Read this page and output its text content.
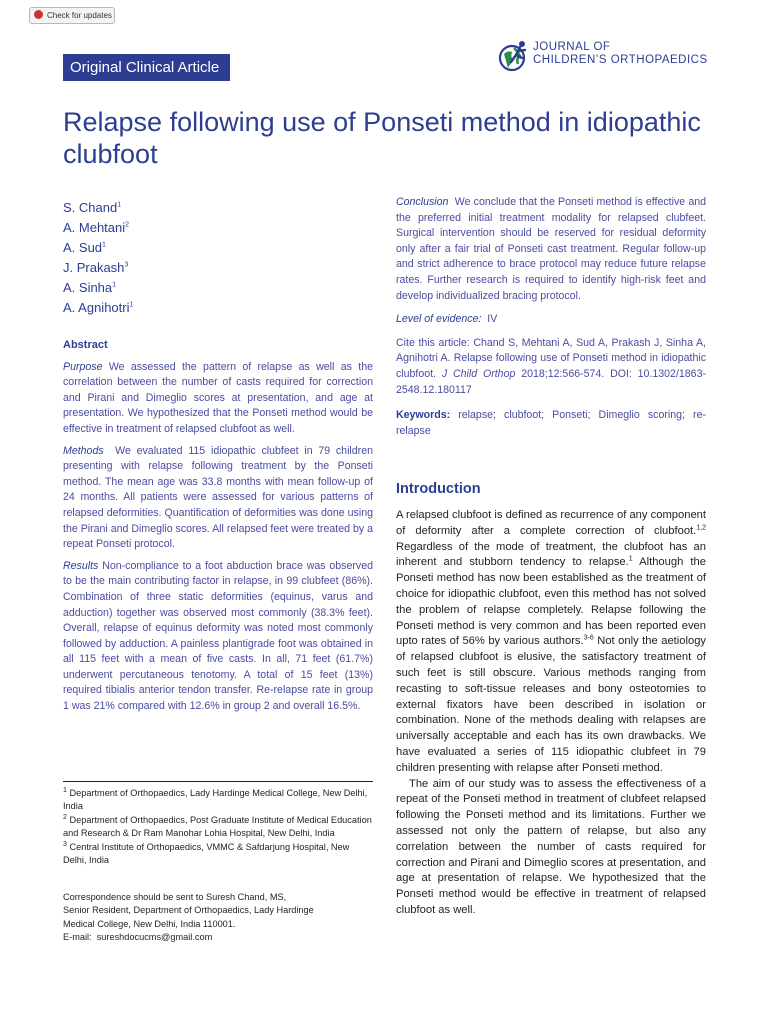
Check for updates
Original Clinical Article
JOURNAL OF
CHILDREN’S ORTHOPAEDICS
Relapse following use of Ponseti method in idiopathic clubfoot
S. Chand$^1$
A. Mehtani$^2$
A. Sud$^1$
J. Prakash$^3$
A. Sinha$^1$
A. Agnihotri$^1$
Abstract

Purpose We assessed the pattern of relapse as well as the correlation between the number of casts required for correction and Pirani and Dimeglio scores at presentation, and age at presentation. We hypothesized that the Ponseti method would be effective in treatment of relapsed clubfoot as well.

Methods We evaluated 115 idiopathic clubfeet in 79 children presenting with relapse following treatment by the Ponseti method. The mean age was 33.8 months with mean follow-up of 24 months. All patients were assessed for various patterns of relapsed deformities. Quantification of deformities was done using the Pirani and Dimeglio scores. All relapsed feet were treated by a repeat Ponseti protocol.

Results Non-compliance to a foot abduction brace was observed to be the main contributing factor in relapse, in 99 clubfeet (86%). Combination of three static deformities (equinus, varus and adduction) together was observed most commonly (38.3% feet). Overall, relapse of equinus deformity was noted most commonly followed by adduction. A painless plantigrade foot was obtained in all 115 feet with a mean of five casts. In all, 71 feet (61.7%) underwent percutaneous tenotomy. A total of 15 feet (13%) required tibialis anterior tendon transfer. Re-relapse rate in group 1 was 21% compared with 12.6% in group 2 and overall 16.5%.

$^1$ Department of Orthopaedics, Lady Hardinge Medical College, New Delhi, India
$^2$ Department of Orthopaedics, Post Graduate Institute of Medical Education and Research & Dr Ram Manohar Lohia Hospital, New Delhi, India
$^3$ Central Institute of Orthopaedics, VMMC & Safdarjung Hospital, New Delhi, India
Correspondence should be sent to Suresh Chand, MS,
Senior Resident, Department of Orthopaedics, Lady Hardinge
Medical College, New Delhi, India 110001.
E-mail: sureshdocucms@gmail.com

Conclusion We conclude that the Ponseti method is effective and the preferred initial treatment modality for relapsed clubfeet. Surgical intervention should be reserved for residual deformity only after a fair trial of Ponseti cast treatment. Regular follow-up and strict adherence to brace protocol may reduce future relapse rates. Further research is required to identify high-risk feet and develop individualized bracing protocol.

Level of evidence: IV

Cite this article: Chand S, Mehtani A, Sud A, Prakash J, Sinha A, Agnihotri A. Relapse following use of Ponseti method in idiopathic clubfoot. J Child Orthop 2018;12:566-574. DOI: 10.1302/1863-2548.12.180117

Keywords: relapse; clubfoot; Ponseti; Dimeglio scoring; re-relapse

Introduction

A relapsed clubfoot is defined as recurrence of any component of deformity after a complete correction of clubfoot.$^{1,2}$ Regardless of the mode of treatment, the clubfoot has an inherent and stubborn tendency to relapse.$^1$ Although the Ponseti method has now been established as the treatment of choice for idiopathic clubfoot, even this method has not solved the problem of relapse completely. Relapse following the Ponseti method is very common and has been reported even upto rates of 56% by various authors.$^{3-6}$ Not only the aetiology of relapsed clubfoot is elusive, the satisfactory treatment of such feet is still obscure. Various methods ranging from recasting to soft-tissue releases and bony osteotomies to external fixators have been described in isolation or combination. None of the methods dealing with relapses are universally acceptable and each has its own drawbacks. We have evaluated a series of 115 idiopathic clubfeet in 79 children presenting with relapse after Ponseti method.

The aim of our study was to assess the effectiveness of a repeat of the Ponseti method in treatment of clubfeet relapsed following the Ponseti method and its limitations. Further we assessed not only the pattern of relapse, but also any correlation between the number of casts required for correction and Pirani and Dimeglio scores at presentation, and age at presentation of relapse. We hypothesized that the Ponseti method would be effective in treatment of relapsed clubfoot as well.
